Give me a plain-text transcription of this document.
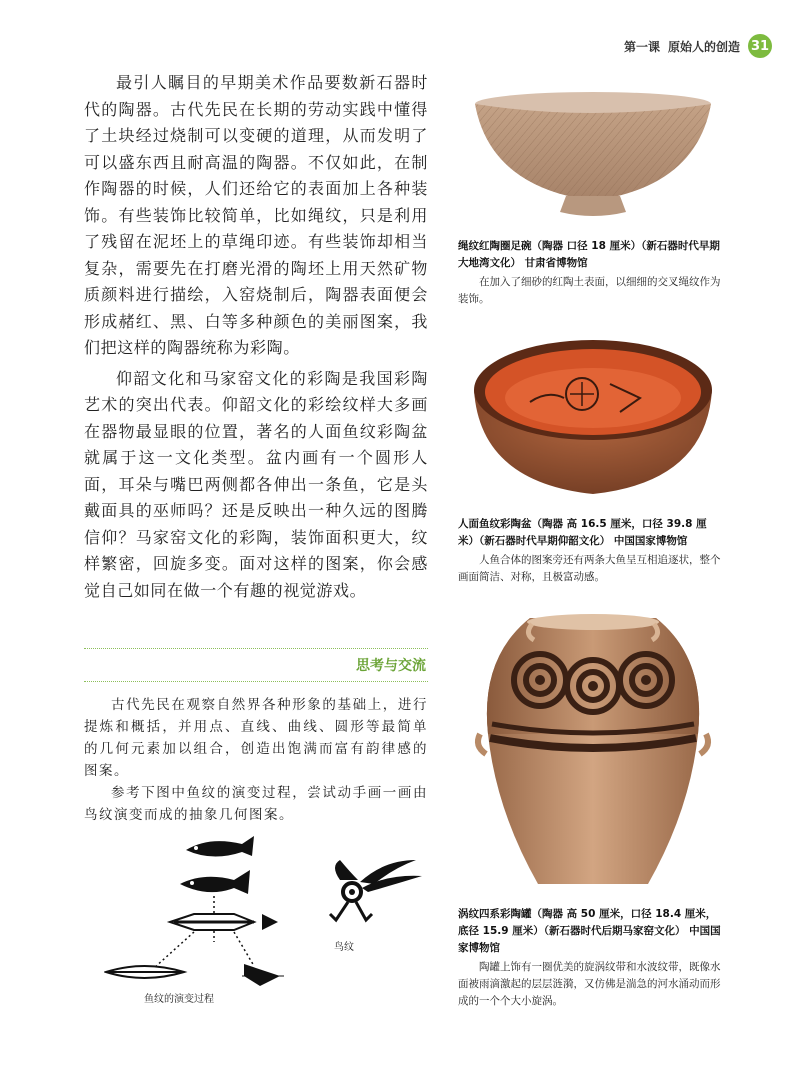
第一课 原始人的创造 31

最引人瞩目的早期美术作品要数新石器时代的陶器。古代先民在长期的劳动实践中懂得了土块经过烧制可以变硬的道理，从而发明了可以盛东西且耐高温的陶器。不仅如此，在制作陶器的时候，人们还给它的表面加上各种装饰。有些装饰比较简单，比如绳纹，只是利用了残留在泥坯上的草绳印迹。有些装饰却相当复杂，需要先在打磨光滑的陶坯上用天然矿物质颜料进行描绘，入窑烧制后，陶器表面便会形成赭红、黑、白等多种颜色的美丽图案，我们把这样的陶器统称为彩陶。

仰韶文化和马家窑文化的彩陶是我国彩陶艺术的突出代表。仰韶文化的彩绘纹样大多画在器物最显眼的位置，著名的人面鱼纹彩陶盆就属于这一文化类型。盆内画有一个圆形人面，耳朵与嘴巴两侧都各伸出一条鱼，它是头戴面具的巫师吗？还是反映出一种久远的图腾信仰？马家窑文化的彩陶，装饰面积更大，纹样繁密，回旋多变。面对这样的图案，你会感觉自己如同在做一个有趣的视觉游戏。

思考与交流

古代先民在观察自然界各种形象的基础上，进行提炼和概括，并用点、直线、曲线、圆形等最简单的几何元素加以组合，创造出饱满而富有韵律感的图案。

参考下图中鱼纹的演变过程，尝试动手画一画由鸟纹演变而成的抽象几何图案。

鸟纹
鱼纹的演变过程
绳纹红陶圈足碗（陶器 口径 18 厘米）（新石器时代早期大地湾文化） 甘肃省博物馆
在加入了细砂的红陶土表面，以细细的交叉绳纹作为装饰。
人面鱼纹彩陶盆（陶器 高 16.5 厘米，口径 39.8 厘米）（新石器时代早期仰韶文化） 中国国家博物馆
人鱼合体的图案旁还有两条大鱼呈互相追逐状，整个画面简洁、对称，且极富动感。
涡纹四系彩陶罐（陶器 高 50 厘米，口径 18.4 厘米，底径 15.9 厘米）（新石器时代后期马家窑文化） 中国国家博物馆
陶罐上饰有一圈优美的旋涡纹带和水波纹带，既像水面被雨滴激起的层层涟漪，又仿佛是湍急的河水涌动而形成的一个个大小旋涡。
